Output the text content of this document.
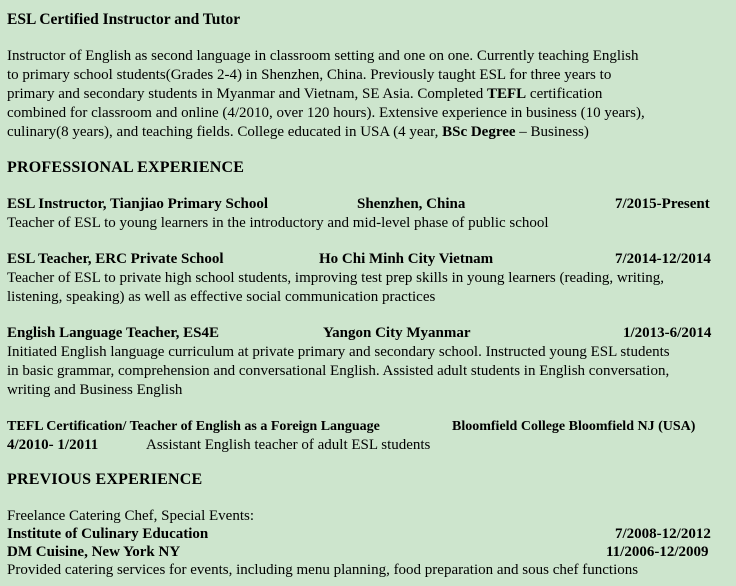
ESL Certified Instructor and Tutor
Instructor of English as second language in classroom setting and one on one. Currently teaching English
to primary school students(Grades 2-4) in Shenzhen, China. Previously taught ESL for three years to
primary and secondary students in Myanmar and Vietnam, SE Asia. Completed TEFL certification
combined for classroom and online (4/2010, over 120 hours). Extensive experience in business (10 years),
culinary(8 years), and teaching fields. College educated in USA (4 year, BSc Degree – Business)
PROFESSIONAL EXPERIENCE
ESL Instructor, Tianjiao Primary School	Shenzhen, China	7/2015-Present
Teacher of ESL to young learners in the introductory and mid-level phase of public school
ESL Teacher, ERC Private School	Ho Chi Minh City Vietnam	7/2014-12/2014
Teacher of ESL to private high school students, improving test prep skills in young learners (reading, writing,
listening, speaking) as well as effective social communication practices
English Language Teacher, ES4E	Yangon City Myanmar	1/2013-6/2014
Initiated English language curriculum at private primary and secondary school. Instructed young ESL students
in basic grammar, comprehension and conversational English. Assisted adult students in English conversation,
writing and Business English
TEFL Certification/ Teacher of English as a Foreign Language	Bloomfield College Bloomfield NJ (USA)
4/2010- 1/2011	Assistant English teacher of adult ESL students
PREVIOUS EXPERIENCE
Freelance Catering Chef, Special Events:
Institute of Culinary Education	7/2008-12/2012
DM Cuisine, New York NY	11/2006-12/2009
Provided catering services for events, including menu planning, food preparation and sous chef functions
